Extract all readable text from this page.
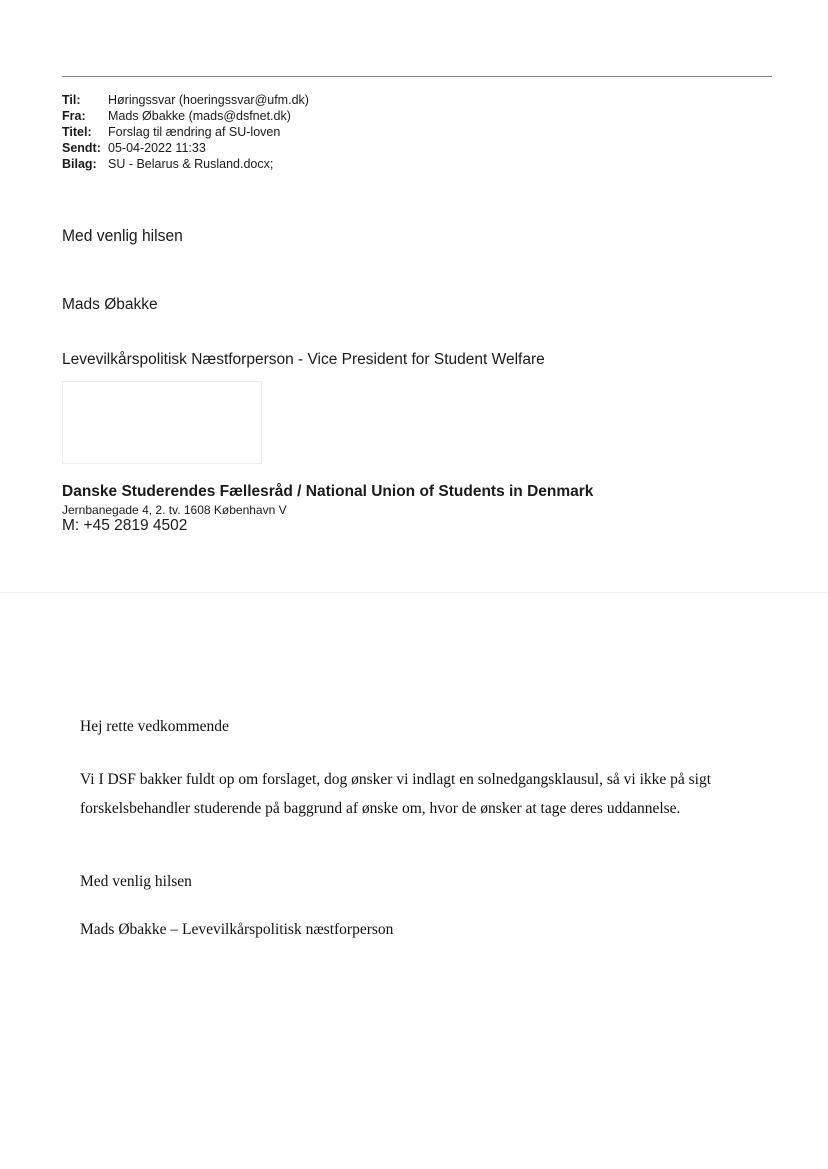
Til:	Høringssvar (hoeringssvar@ufm.dk)
Fra:	Mads Øbakke (mads@dsfnet.dk)
Titel:	Forslag til ændring af SU-loven
Sendt: 05-04-2022 11:33
Bilag: SU - Belarus & Rusland.docx;
Med venlig hilsen
Mads Øbakke
Levevilkårspolitisk Næstforperson - Vice President for Student Welfare
Danske Studerendes Fællesråd / National Union of Students in Denmark
Jernbanegade 4, 2. tv. 1608 København V
M: +45 2819 4502

Hej rette vedkommende

Vi I DSF bakker fuldt op om forslaget, dog ønsker vi indlagt en solnedgangsklausul, så vi ikke på sigt forskelsbehandler studerende på baggrund af ønske om, hvor de ønsker at tage deres uddannelse.

Med venlig hilsen

Mads Øbakke – Levevilkårspolitisk næstforperson
